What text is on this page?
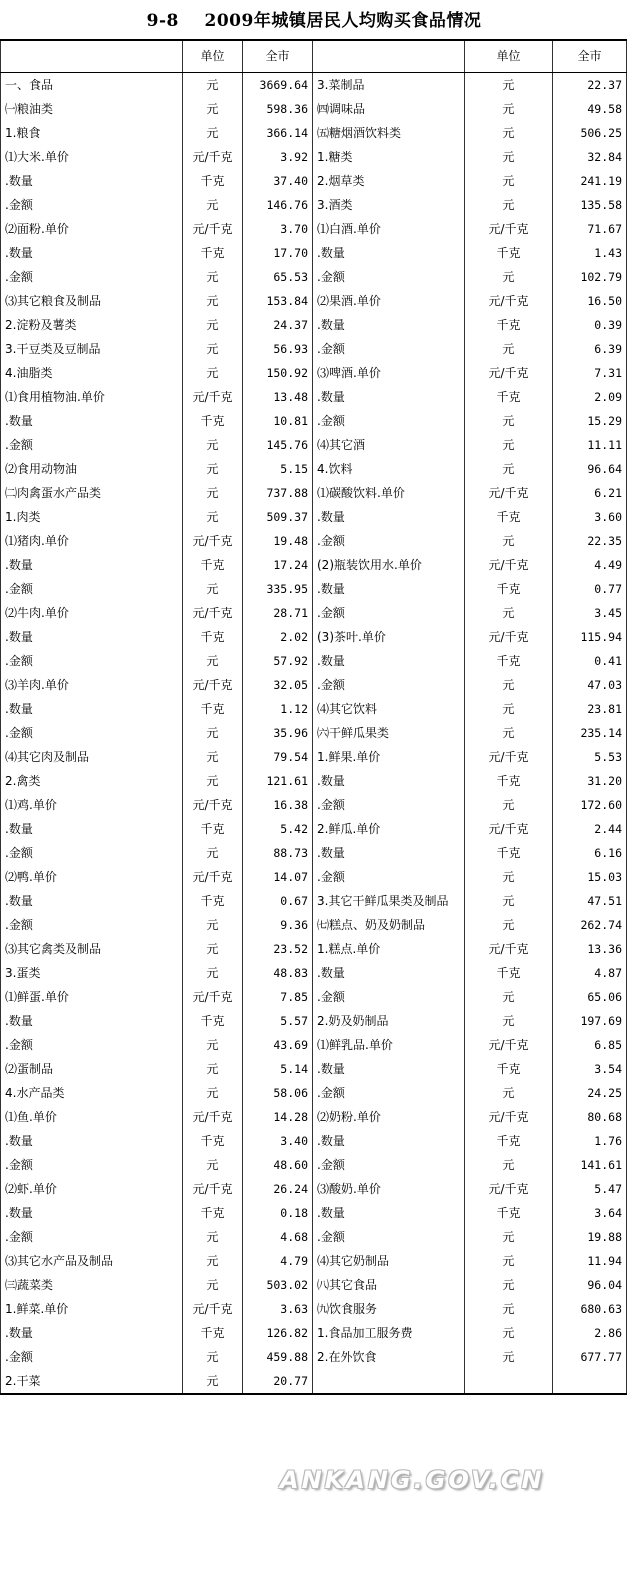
9-8    2009年城镇居民人均购买食品情况
	单位	全市		单位	全市
一、食品	元	3669.64	3.菜制品	元	22.37
㈠粮油类	元	598.36	㈣调味品	元	49.58
1.粮食	元	366.14	㈤糖烟酒饮料类	元	506.25
⑴大米.单价	元/千克	3.92	1.糖类	元	32.84
.数量	千克	37.40	2.烟草类	元	241.19
.金额	元	146.76	3.酒类	元	135.58
⑵面粉.单价	元/千克	3.70	⑴白酒.单价	元/千克	71.67
.数量	千克	17.70	.数量	千克	1.43
.金额	元	65.53	.金额	元	102.79
⑶其它粮食及制品	元	153.84	⑵果酒.单价	元/千克	16.50
2.淀粉及薯类	元	24.37	.数量	千克	0.39
3.干豆类及豆制品	元	56.93	.金额	元	6.39
4.油脂类	元	150.92	⑶啤酒.单价	元/千克	7.31
⑴食用植物油.单价	元/千克	13.48	.数量	千克	2.09
.数量	千克	10.81	.金额	元	15.29
.金额	元	145.76	⑷其它酒	元	11.11
⑵食用动物油	元	5.15	4.饮料	元	96.64
㈡肉禽蛋水产品类	元	737.88	⑴碳酸饮料.单价	元/千克	6.21
1.肉类	元	509.37	.数量	千克	3.60
⑴猪肉.单价	元/千克	19.48	.金额	元	22.35
.数量	千克	17.24	(2)瓶装饮用水.单价	元/千克	4.49
.金额	元	335.95	.数量	千克	0.77
⑵牛肉.单价	元/千克	28.71	.金额	元	3.45
.数量	千克	2.02	(3)茶叶.单价	元/千克	115.94
.金额	元	57.92	.数量	千克	0.41
⑶羊肉.单价	元/千克	32.05	.金额	元	47.03
.数量	千克	1.12	⑷其它饮料	元	23.81
.金额	元	35.96	㈥干鲜瓜果类	元	235.14
⑷其它肉及制品	元	79.54	1.鲜果.单价	元/千克	5.53
2.禽类	元	121.61	.数量	千克	31.20
⑴鸡.单价	元/千克	16.38	.金额	元	172.60
.数量	千克	5.42	2.鲜瓜.单价	元/千克	2.44
.金额	元	88.73	.数量	千克	6.16
⑵鸭.单价	元/千克	14.07	.金额	元	15.03
.数量	千克	0.67	3.其它干鲜瓜果类及制品	元	47.51
.金额	元	9.36	㈦糕点、奶及奶制品	元	262.74
⑶其它禽类及制品	元	23.52	1.糕点.单价	元/千克	13.36
3.蛋类	元	48.83	.数量	千克	4.87
⑴鲜蛋.单价	元/千克	7.85	.金额	元	65.06
.数量	千克	5.57	2.奶及奶制品	元	197.69
.金额	元	43.69	⑴鲜乳品.单价	元/千克	6.85
⑵蛋制品	元	5.14	.数量	千克	3.54
4.水产品类	元	58.06	.金额	元	24.25
⑴鱼.单价	元/千克	14.28	⑵奶粉.单价	元/千克	80.68
.数量	千克	3.40	.数量	千克	1.76
.金额	元	48.60	.金额	元	141.61
⑵虾.单价	元/千克	26.24	⑶酸奶.单价	元/千克	5.47
.数量	千克	0.18	.数量	千克	3.64
.金额	元	4.68	.金额	元	19.88
⑶其它水产品及制品	元	4.79	⑷其它奶制品	元	11.94
㈢蔬菜类	元	503.02	㈧其它食品	元	96.04
1.鲜菜.单价	元/千克	3.63	㈨饮食服务	元	680.63
.数量	千克	126.82	1.食品加工服务费	元	2.86
.金额	元	459.88	2.在外饮食	元	677.77
2.干菜	元	20.77			
ANKANG.GOV.CN
